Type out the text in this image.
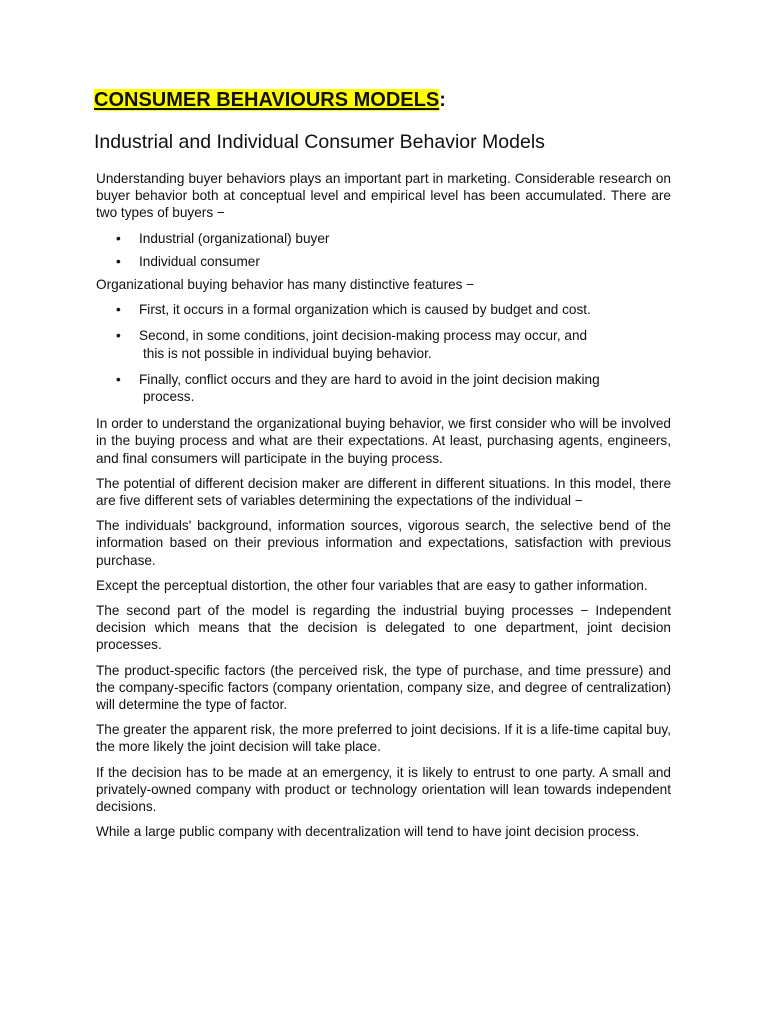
CONSUMER BEHAVIOURS MODELS:
Industrial and Individual Consumer Behavior Models

Understanding buyer behaviors plays an important part in marketing. Considerable research on buyer behavior both at conceptual level and empirical level has been accumulated. There are two types of buyers −

• Industrial (organizational) buyer
• Individual consumer

Organizational buying behavior has many distinctive features −

• First, it occurs in a formal organization which is caused by budget and cost.
• Second, in some conditions, joint decision-making process may occur, and
this is not possible in individual buying behavior.
• Finally, conflict occurs and they are hard to avoid in the joint decision making
process.

In order to understand the organizational buying behavior, we first consider who will be involved in the buying process and what are their expectations. At least, purchasing agents, engineers, and final consumers will participate in the buying process.

The potential of different decision maker are different in different situations. In this model, there are five different sets of variables determining the expectations of the individual −

The individuals' background, information sources, vigorous search, the selective bend of the information based on their previous information and expectations, satisfaction with previous purchase.

Except the perceptual distortion, the other four variables that are easy to gather information.

The second part of the model is regarding the industrial buying processes − Independent decision which means that the decision is delegated to one department, joint decision processes.

The product-specific factors (the perceived risk, the type of purchase, and time pressure) and the company-specific factors (company orientation, company size, and degree of centralization) will determine the type of factor.

The greater the apparent risk, the more preferred to joint decisions. If it is a life-time capital buy, the more likely the joint decision will take place.

If the decision has to be made at an emergency, it is likely to entrust to one party. A small and privately-owned company with product or technology orientation will lean towards independent decisions.

While a large public company with decentralization will tend to have joint decision process.
